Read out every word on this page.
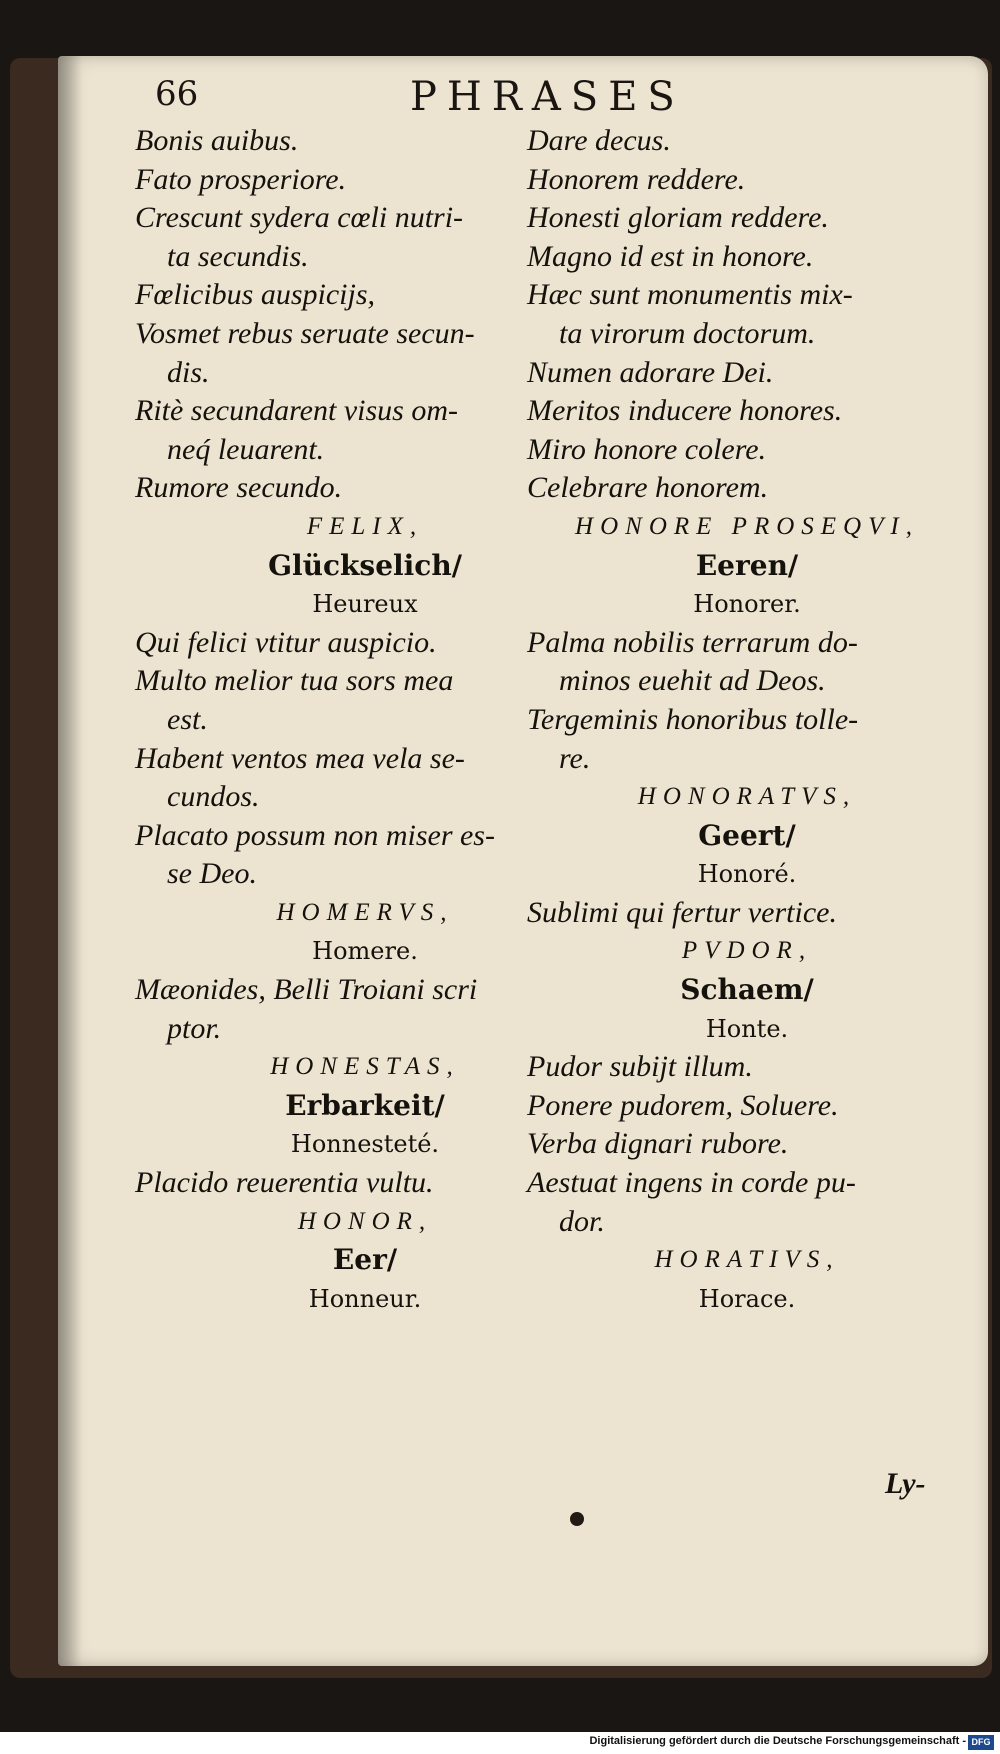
66	PHRASES
Bonis auibus.
Fato prosperiore.
Crescunt sydera cœli nutri-
ta secundis.
Fœlicibus auspicijs,
Vosmet rebus seruate secun-
dis.
Ritè secundarent visus om-
neq́ leuarent.
Rumore secundo.
FELIX,
Glückselich/
Heureux
Qui felici vtitur auspicio.
Multo melior tua sors mea
est.
Habent ventos mea vela se-
cundos.
Placato possum non miser es-
se Deo.
HOMERVS,
Homere.
Mæonides, Belli Troiani scri
ptor.
HONESTAS,
Erbarkeit/
Honnesteté.
Placido reuerentia vultu.
HONOR,
Eer/
Honneur.
Dare decus.
Honorem reddere.
Honesti gloriam reddere.
Magno id est in honore.
Hæc sunt monumentis mix-
ta virorum doctorum.
Numen adorare Dei.
Meritos inducere honores.
Miro honore colere.
Celebrare honorem.
HONORE PROSEQVI,
Eeren/
Honorer.
Palma nobilis terrarum do-
minos euehit ad Deos.
Tergeminis honoribus tolle-
re.
HONORATVS,
Geert/
Honoré.
Sublimi qui fertur vertice.
PVDOR,
Schaem/
Honte.
Pudor subijt illum.
Ponere pudorem, Soluere.
Verba dignari rubore.
Aestuat ingens in corde pu-
dor.
HORATIVS,
Horace.
Ly-
Digitalisierung gefördert durch die Deutsche Forschungsgemeinschaft - DFG
